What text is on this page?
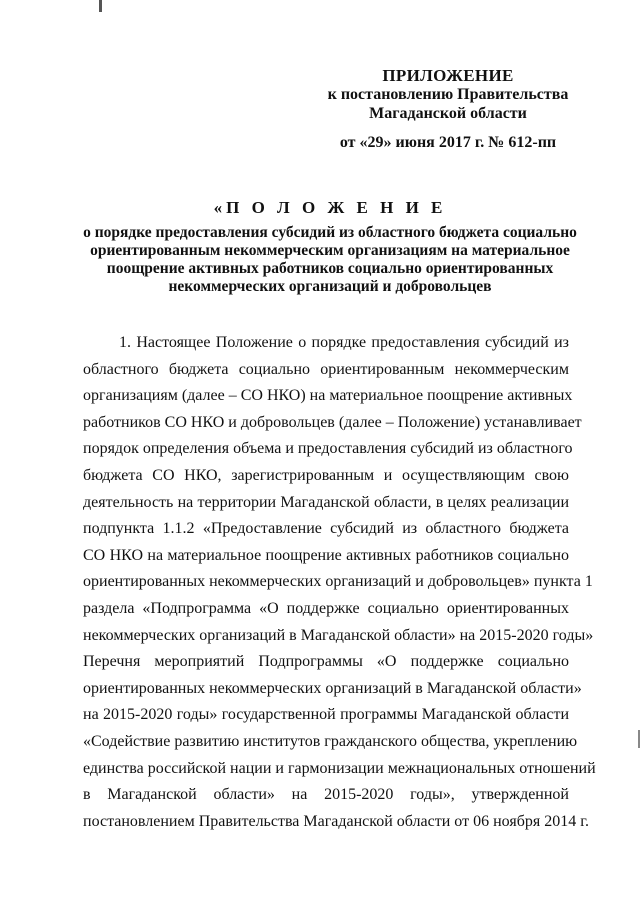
ПРИЛОЖЕНИЕ
к постановлению Правительства
Магаданской области
от «29» июня 2017 г. № 612-пп
«П О Л О Ж Е Н И Е
о порядке предоставления субсидий из областного бюджета социально
ориентированным некоммерческим организациям на материальное
поощрение активных работников социально ориентированных
некоммерческих организаций и добровольцев
1. Настоящее Положение о порядке предоставления субсидий из
областного бюджета социально ориентированным некоммерческим
организациям (далее – СО НКО) на материальное поощрение активных
работников СО НКО и добровольцев (далее – Положение) устанавливает
порядок определения объема и предоставления субсидий из областного
бюджета СО НКО, зарегистрированным и осуществляющим свою
деятельность на территории Магаданской области, в целях реализации
подпункта 1.1.2 «Предоставление субсидий из областного бюджета
СО НКО на материальное поощрение активных работников социально
ориентированных некоммерческих организаций и добровольцев» пункта 1
раздела «Подпрограмма «О поддержке социально ориентированных
некоммерческих организаций в Магаданской области» на 2015-2020 годы»
Перечня мероприятий Подпрограммы «О поддержке социально
ориентированных некоммерческих организаций в Магаданской области»
на 2015-2020 годы» государственной программы Магаданской области
«Содействие развитию институтов гражданского общества, укреплению
единства российской нации и гармонизации межнациональных отношений
в Магаданской области» на 2015-2020 годы», утвержденной
постановлением Правительства Магаданской области от 06 ноября 2014 г.
